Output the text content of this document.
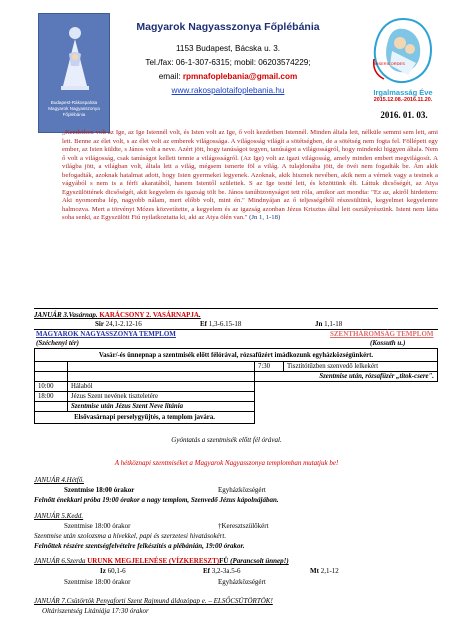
Budapest-Rákospalota Magyarok Nagyasszonya Főplébánia
Magyarok Nagyasszonya Főplébánia
1153 Budapest, Bácska u. 3.
Tel./fax: 06-1-307-6315; mobil: 06203574229;
email: rpmnafoplebania@gmail.com
www.rakospalotaifoplebania.hu
MISERICORDES
Irgalmasság Éve
2015.12.08.-2016.11.20.
2016. 01. 03.
„Kezdetben volt az Ige, az Ige Istennél volt, és Isten volt az Ige, ő volt kezdetben Istennél. Minden általa lett, nélküle semmi sem lett, ami lett. Benne az élet volt, s az élet volt az emberek világossága. A világosság világít a sötétségben, de a sötétség nem fogta fel. Föllépett egy ember, az Isten küldte, s János volt a neve. Azért jött, hogy tanúságot tegyen, tanúságot a világosságról, hogy mindenki higgyen általa. Nem ő volt a világosság, csak tanúságot kellett tennie a világosságról. (Az Ige) volt az igazi világosság, amely minden embert megvilágosít. A világba jött, a világban volt, általa lett a világ, mégsem ismerte föl a világ. A tulajdonába jött, de övéi nem fogadták be. Ám akik befogadták, azoknak hatalmat adott, hogy Isten gyermekei legyenek. Azoknak, akik hisznek nevében, akik nem a vérnek vagy a testnek a vágyából s nem is a férfi akaratából, hanem Istentől születtek. S az Ige testté lett, és közöttünk élt. Láttuk dicsőségét, az Atya Egyszülöttének dicsőségét, akit kegyelem és igazság tölt be. János tanúbizonyságot tett róla, amikor azt mondta: "Ez az, akiről hirdettem: Aki nyomomba lép, nagyobb nálam, mert előbb volt, mint én." Mindnyájan az ő teljességéből részesültünk, kegyelmet kegyelemre halmozva. Mert a törvényt Mózes közvetítette, a kegyelem és az igazság azonban Jézus Krisztus által lett osztályrészünk. Istent nem látta soha senki, az Egyszülött Fiú nyilatkoztatta ki, aki az Atya ölén van." (Jn 1, 1-18)
JANUÁR 3.Vasárnap. KARÁCSONY 2. VASÁRNAPJA.
Sir 24,1-2.12-16	Ef 1,3-6.15-18	Jn 1,1-18
MAGYAROK NAGYASSZONYA TEMPLOM
(Széchenyi tér)
SZENTHÁROMSÁG TEMPLOM
(Kossuth u.)
Vasár/-és ünnepnap a szentmisék előtt félórával, rózsafűzért imádkozunk egyházközségünkért.			
		7:30	Tisztítótűzben szenvedő lelkekért
		Szentmise után, rózsafüzér „titok-csere".	
10:00	Hálaból		
18:00	Jézus Szent nevének tiszteletére		
	Szentmise után Jézus Szent Neve litánia		
Elsővasárnapi perselygyűjtés, a templom javára.			
Gyóntatás a szentmisék előtt fél órával.
A hétköznapi szentmiséket a Magyarok Nagyasszonya templomban mutatjuk be!
JANUÁR 4.Hétfő.
Szentmise 18:00 órakor	Egyházközségért
Felnőtt énekkari próba 19:00 órakor a nagy templom, Szenvedő Jézus kápolnájában.
JANUÁR 5.Kedd.
Szentmise 18:00 órakor	†Keresztszülőkért
Szentmise után szolozsma a hívekkel, papi és szerzetesi hivatásokért.
Felnőttek részére szentségfelvételre felkészítés a plébánián, 19:00 órakor.
JANUÁR 6.Szerda URUNK MEGJELENÉSE (VÍZKERESZT)FÜ (Parancsolt ünnep!)
Iz 60,1-6	Ef 3,2-3a.5-6	Mt 2,1-12
Szentmise 18:00 órakor	Egyházközségért
JANUÁR 7.Csütörtök Penyaforti Szent Rajmund áldozópap e. – ELSŐCSÜTÖRTÖK!
Oltáriszentség Litániája 17:30 órakor
